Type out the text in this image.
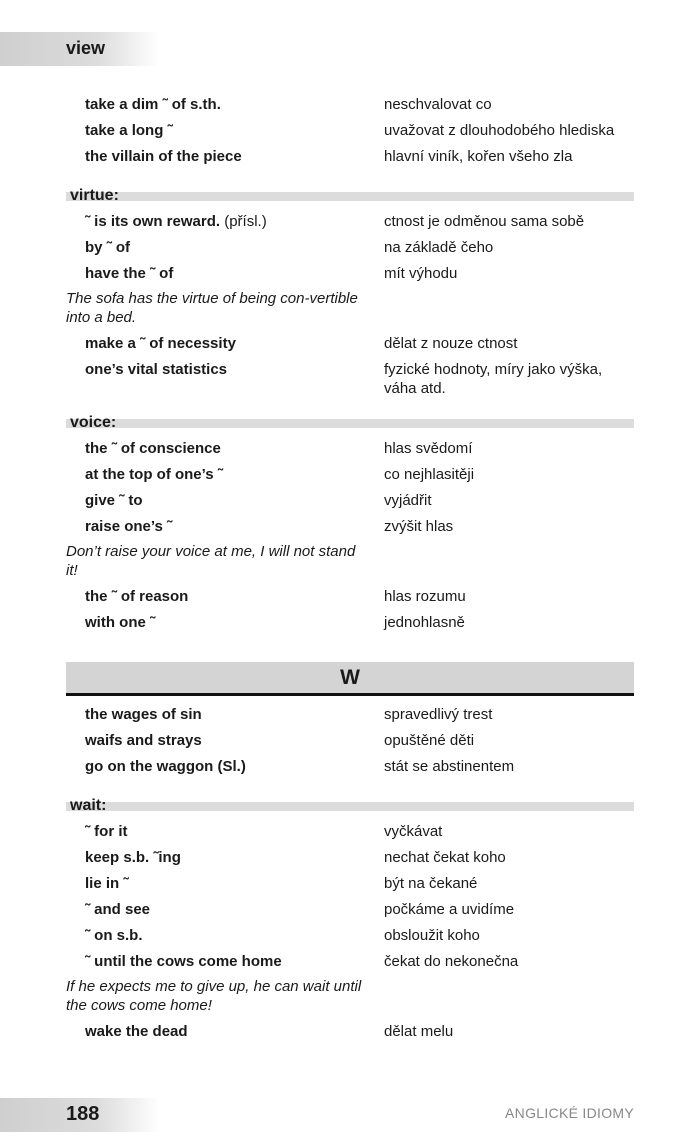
view
take a dim ˜ of s.th.	neschvalovat co
take a long ˜	uvažovat z dlouhodobého hlediska
the villain of the piece	hlavní viník, kořen všeho zla
virtue:
˜ is its own reward. (přísl.)	ctnost je odměnou sama sobě
by ˜ of	na základě čeho
have the ˜ of	mít výhodu
The sofa has the virtue of being con-vertible into a bed.
make a ˜ of necessity	dělat z nouze ctnost
one’s vital statistics	fyzické hodnoty, míry jako výška, váha atd.
voice:
the ˜ of conscience	hlas svědomí
at the top of one’s ˜	co nejhlasitěji
give ˜ to	vyjádřit
raise one’s ˜	zvýšit hlas
Don’t raise your voice at me, I will not stand it!
the ˜ of reason	hlas rozumu
with one ˜	jednohlasně
W
the wages of sin	spravedlivý trest
waifs and strays	opuštěné děti
go on the waggon (Sl.)	stát se abstinentem
wait:
˜ for it	vyčkávat
keep s.b. ˜ing	nechat čekat koho
lie in ˜	být na čekané
˜ and see	počkáme a uvidíme
˜ on s.b.	obsloužit koho
˜ until the cows come home	čekat do nekonečna
If he expects me to give up, he can wait until the cows come home!
wake the dead	dělat melu
188	ANGLICKÉ IDIOMY
